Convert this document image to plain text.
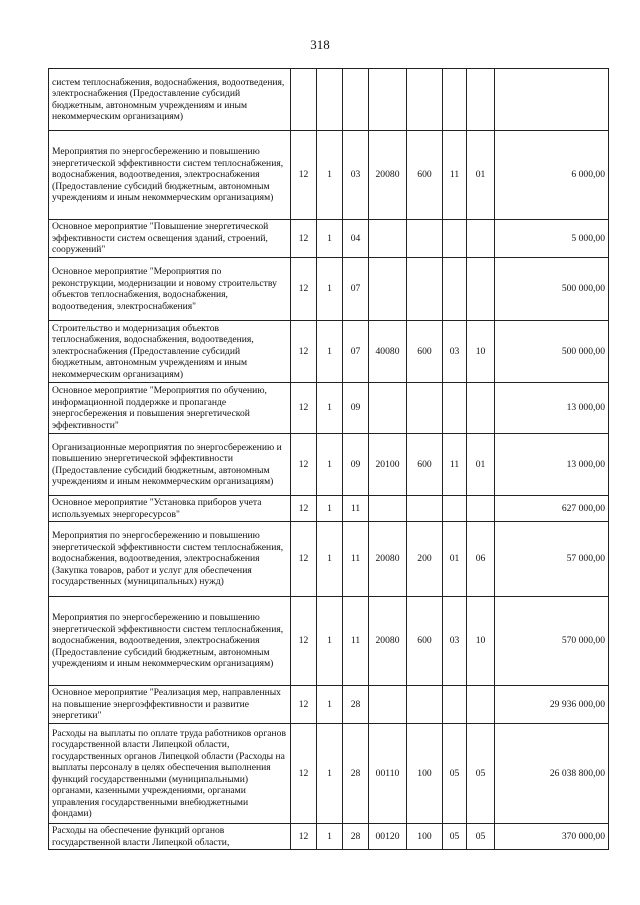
318
систем теплоснабжения, водоснабжения, водоотведения, электроснабжения (Предоставление субсидий бюджетным, автономным учреждениям и иным некоммерческим организациям)								
Мероприятия по энергосбережению и повышению энергетической эффективности систем теплоснабжения, водоснабжения, водоотведения, электроснабжения (Предоставление субсидий бюджетным, автономным учреждениям и иным некоммерческим организациям)	12	1	03	20080	600	11	01	6 000,00
Основное мероприятие "Повышение энергетической эффективности систем освещения зданий, строений, сооружений"	12	1	04					5 000,00
Основное мероприятие "Мероприятия по реконструкции, модернизации и новому строительству объектов теплоснабжения, водоснабжения, водоотведения, электроснабжения"	12	1	07					500 000,00
Строительство и модернизация объектов теплоснабжения, водоснабжения, водоотведения, электроснабжения (Предоставление субсидий бюджетным, автономным учреждениям и иным некоммерческим организациям)	12	1	07	40080	600	03	10	500 000,00
Основное мероприятие "Мероприятия по обучению, информационной поддержке и пропаганде энергосбережения и повышения энергетической эффективности"	12	1	09					13 000,00
Организационные мероприятия по энергосбережению и повышению энергетической эффективности (Предоставление субсидий бюджетным, автономным учреждениям и иным некоммерческим организациям)	12	1	09	20100	600	11	01	13 000,00
Основное мероприятие "Установка приборов учета используемых энергоресурсов"	12	1	11					627 000,00
Мероприятия по энергосбережению и повышению энергетической эффективности систем теплоснабжения, водоснабжения, водоотведения, электроснабжения (Закупка товаров, работ и услуг для обеспечения государственных (муниципальных) нужд)	12	1	11	20080	200	01	06	57 000,00
Мероприятия по энергосбережению и повышению энергетической эффективности систем теплоснабжения, водоснабжения, водоотведения, электроснабжения (Предоставление субсидий бюджетным, автономным учреждениям и иным некоммерческим организациям)	12	1	11	20080	600	03	10	570 000,00
Основное мероприятие "Реализация мер, направленных на повышение энергоэффективности и развитие энергетики"	12	1	28					29 936 000,00
Расходы на выплаты по оплате труда работников органов государственной власти Липецкой области, государственных органов Липецкой области (Расходы на выплаты персоналу в целях обеспечения выполнения функций государственными (муниципальными) органами, казенными учреждениями, органами управления государственными внебюджетными фондами)	12	1	28	00110	100	05	05	26 038 800,00
Расходы на обеспечение функций органов государственной власти Липецкой области,	12	1	28	00120	100	05	05	370 000,00
